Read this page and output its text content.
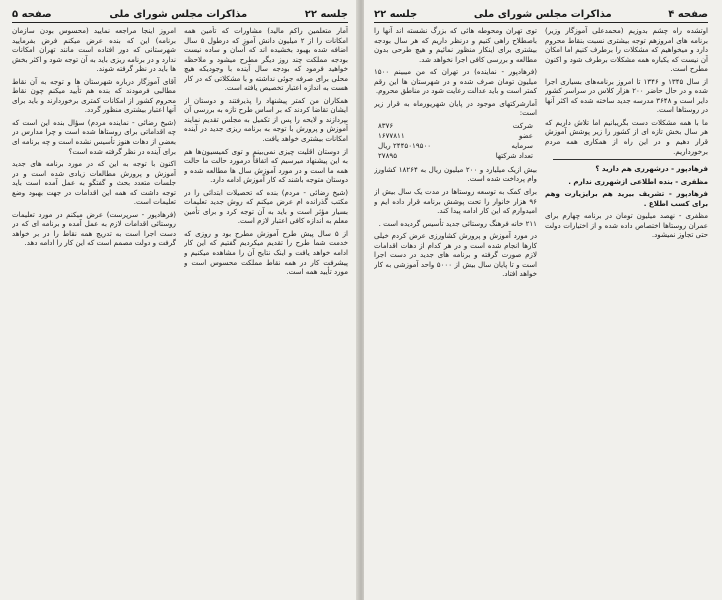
جلسه ۲۲
مذاکرات مجلس شورای ملی
صفحه ۵

آمار متعلمین راکم مالید) مشاورات که تأمین همه امکانات را از ۲ میلیون دانش آموز که درطول ۵ سال اضافه شده بهبود بخشیده اند که آسان و ساده نیست بودجه مملکت چند روز دیگر مطرح میشود و ملاحظه خواهید فرمود که بودجه سال آینده با وجودیکه هیچ محلی برای صرفه جوئی نداشته و با مشکلاتی که در کار هست به اندازه اعتبار تخصیص یافته است.

همکاران من کمتر پیشنهاد را پذیرفتند و دوستان از ایشان تقاضا کردند که بر اساس طرح تازه به بررسی آن بپردازند و لایحه را پس از تکمیل به مجلس تقدیم نمایند آموزش و پرورش با توجه به برنامه ریزی جدید در آینده امکانات بیشتری خواهد یافت.

از دوستان اقلیت چیزی نمی‌بینم و توی کمیسیون‌ها هم به این پیشنهاد میرسیم که اتفاقاً درمورد حالت ما حالت همه ما است و در مورد آموزش سال ها مطالعه شده و دوستان متوجه باشند که کار آموزش ادامه دارد.

(شیخ رضائی - مردم) بنده که تحصیلات ابتدائی را در مکتب گذرانده ام عرض میکنم که روش جدید تعلیمات بسیار مؤثر است و باید به آن توجه کرد و برای تأمین معلم به اندازه کافی اعتبار لازم است.

از ۵ سال پیش طرح آموزش مطرح بود و روزی که خدمت شما طرح را تقدیم میکردیم گفتیم که این کار ادامه خواهد یافت و اینک نتایج آن را مشاهده میکنیم و پیشرفت کار در همه نقاط مملکت محسوس است و مورد تأیید همه است.

امروز اینجا مراجعه نمایید (محسوس بودن سازمان برنامه) این که بنده عرض میکنم فرض بفرمایید شهرستانی که دور افتاده است مانند تهران امکانات ندارد و در برنامه ریزی باید به آن توجه شود و اکثر بخش ها باید در نظر گرفته شوند.

آقای آموزگار درباره شهرستان ها و توجه به آن نقاط مطالبی فرمودند که بنده هم تأیید میکنم چون نقاط محروم کشور از امکانات کمتری برخوردارند و باید برای آنها اعتبار بیشتری منظور گردد.

(شیخ رضائی - نماینده مردم) سؤال بنده این است که چه اقداماتی برای روستاها شده است و چرا مدارس در بعضی از دهات هنوز تأسیس نشده است و چه برنامه ای برای آینده در نظر گرفته شده است؟

اکنون با توجه به این که در مورد برنامه های جدید آموزش و پرورش مطالعات زیادی شده است و در جلسات متعدد بحث و گفتگو به عمل آمده است باید توجه داشت که همه این اقدامات در جهت بهبود وضع تعلیمات است.

(فرهادپور - سرپرست) عرض میکنم در مورد تعلیمات روستائی اقدامات لازم به عمل آمده و برنامه ای که در دست اجرا است به تدریج همه نقاط را در بر خواهد گرفت و دولت مصمم است که این کار را ادامه دهد.

صفحه ۴
مذاکرات مجلس شورای ملی
جلسه ۲۲

اوتشده راه چشم بدوزیم (محمدعلی آموزگار وزیر) برنامه های امروزهم توجه بیشتری نسبت بنقاط محروم دارد و میخواهیم که مشکلات را برطرف کنیم اما امکان آن نیست که یکباره همه مشکلات برطرف شود و اکنون مطرح است.

از سال ۱۳۴۵ و ۱۳۴۶ تا امروز برنامه‌های بسیاری اجرا شده و در حال حاضر ۲۰۰ هزار کلاس در سراسر کشور دایر است و ۳۶۴۸ مدرسه جدید ساخته شده که اکثر آنها در روستاها است.

ما با همه مشکلات دست بگریبانیم اما تلاش داریم که هر سال بخش تازه ای از کشور را زیر پوشش آموزش قرار دهیم و در این راه از همکاری همه مردم برخورداریم.

فرهادپور - درشهرری هم دارید ؟

مظفری - بنده اطلاعی ازشهرری ندارم .

فرهادپور - تشریف بیرید هم برایزیارت وهم برای کسب اطلاع .

مظفری - نهصد میلیون تومان در برنامه چهارم برای عمران روستاها اختصاص داده شده و از اختیارات دولت حتی تجاوز نمیشود.

توی تهران ومحوطه هائی که بزرگ نشسته اند آنها را باصطلاح راهی کنیم و درنظر داریم که هر سال بودجه بیشتری برای اینکار منظور نمائیم و هیچ طرحی بدون مطالعه و بررسی کافی اجرا نخواهد شد.

(فرهادپور - نماینده) در تهران که من میبینم ۱۵۰۰ میلیون تومان صرف شده و در شهرستان ها این رقم کمتر است و باید عدالت رعایت شود در مناطق محروم.

آمارشرکتهای موجود در پایان شهریورماه به قرار زیر است:

شرکت
۸۳۷۶
عضو
۱۶۷۷۸۱۱
سرمایه
۲۴۴۵۰۱۹۵۰۰ ریال
تعداد شرکتها
۲۷۸۹۵

بیش ازیک میلیارد و ۲۰۰ میلیون ریال به ۱۸۲۶۴ کشاورز وام پرداخت شده است.

برای کمک به توسعه روستاها در مدت یک سال بیش از ۹۶ هزار خانوار را تحت پوشش برنامه قرار داده ایم و امیدوارم که این کار ادامه پیدا کند.

۲۱۱ خانه فرهنگ روستائی جدید تأسیس گردیده است .

در مورد آموزش و پرورش کشاورزی عرض کردم خیلی کارها انجام شده است و در هر کدام از دهات اقدامات لازم صورت گرفته و برنامه های جدید در دست اجرا است و تا پایان سال بیش از ۵۰۰۰ واحد آموزشی به کار خواهد افتاد.
